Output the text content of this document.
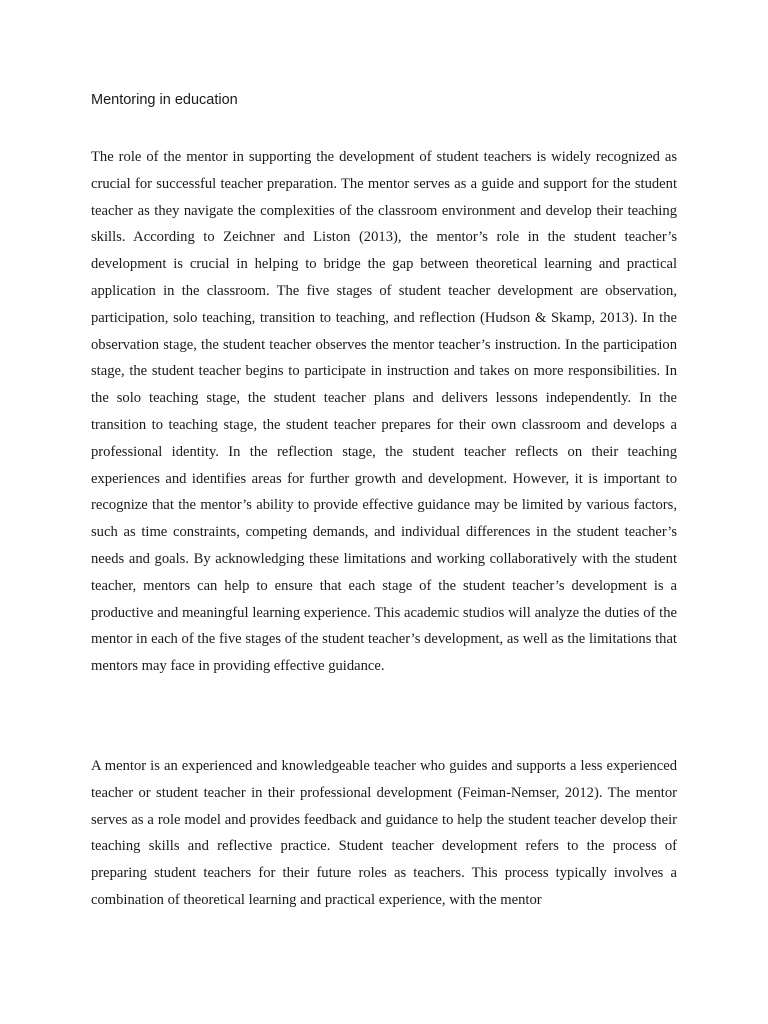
Mentoring in education

The role of the mentor in supporting the development of student teachers is widely recognized as crucial for successful teacher preparation. The mentor serves as a guide and support for the student teacher as they navigate the complexities of the classroom environment and develop their teaching skills. According to Zeichner and Liston (2013), the mentor’s role in the student teacher’s development is crucial in helping to bridge the gap between theoretical learning and practical application in the classroom. The five stages of student teacher development are observation, participation, solo teaching, transition to teaching, and reflection (Hudson & Skamp, 2013). In the observation stage, the student teacher observes the mentor teacher’s instruction. In the participation stage, the student teacher begins to participate in instruction and takes on more responsibilities. In the solo teaching stage, the student teacher plans and delivers lessons independently. In the transition to teaching stage, the student teacher prepares for their own classroom and develops a professional identity. In the reflection stage, the student teacher reflects on their teaching experiences and identifies areas for further growth and development. However, it is important to recognize that the mentor’s ability to provide effective guidance may be limited by various factors, such as time constraints, competing demands, and individual differences in the student teacher’s needs and goals. By acknowledging these limitations and working collaboratively with the student teacher, mentors can help to ensure that each stage of the student teacher’s development is a productive and meaningful learning experience. This academic studios will analyze the duties of the mentor in each of the five stages of the student teacher’s development, as well as the limitations that mentors may face in providing effective guidance.

A mentor is an experienced and knowledgeable teacher who guides and supports a less experienced teacher or student teacher in their professional development (Feiman-Nemser, 2012). The mentor serves as a role model and provides feedback and guidance to help the student teacher develop their teaching skills and reflective practice. Student teacher development refers to the process of preparing student teachers for their future roles as teachers. This process typically involves a combination of theoretical learning and practical experience, with the mentor
